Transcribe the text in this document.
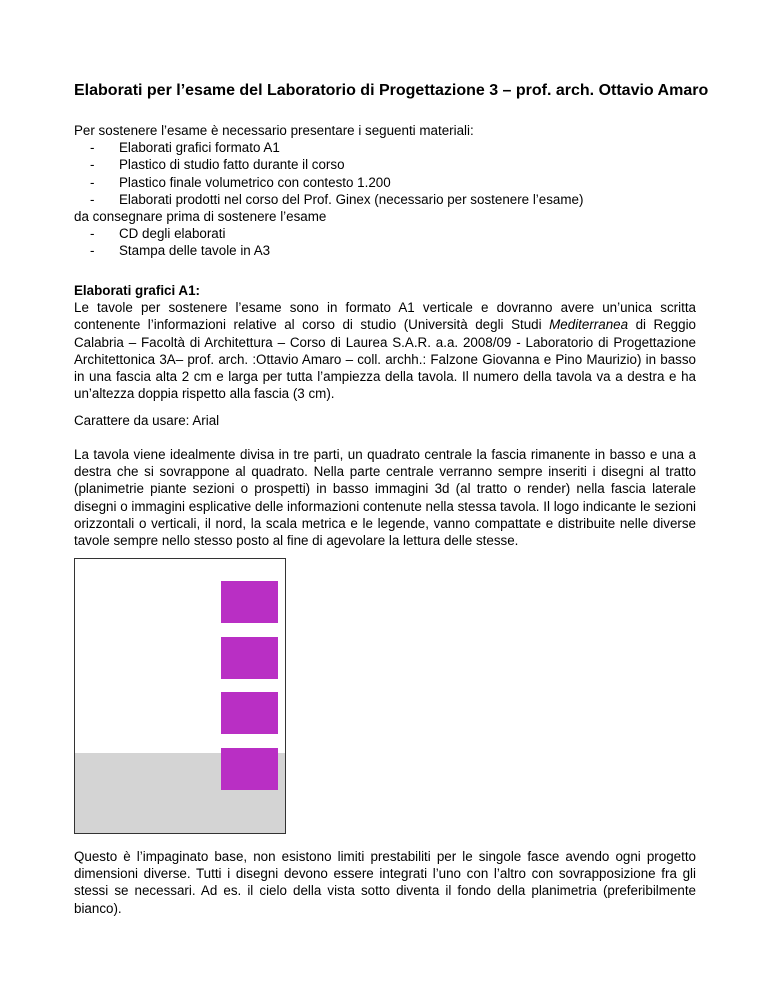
Elaborati per l’esame del Laboratorio di Progettazione 3 – prof. arch. Ottavio Amaro

Per sostenere l’esame è necessario presentare i seguenti materiali:

- Elaborati grafici formato A1
- Plastico di studio fatto durante il corso
- Plastico finale volumetrico con contesto 1.200
- Elaborati prodotti nel corso del Prof. Ginex (necessario per sostenere l’esame)

da consegnare prima di sostenere l’esame

- CD degli elaborati
- Stampa delle tavole in A3

Elaborati grafici A1:

Le tavole per sostenere l’esame sono in formato A1 verticale e dovranno avere un’unica scritta contenente l’informazioni relative al corso di studio (Università degli Studi Mediterranea di Reggio Calabria – Facoltà di Architettura – Corso di Laurea S.A.R. a.a. 2008/09 - Laboratorio di Progettazione Architettonica 3A– prof. arch. :Ottavio Amaro – coll. archh.: Falzone Giovanna e Pino Maurizio) in basso in una fascia alta 2 cm e larga per tutta l’ampiezza della tavola. Il numero della tavola va a destra e ha un’altezza doppia rispetto alla fascia (3 cm).

Carattere da usare: Arial

La tavola viene idealmente divisa in tre parti, un quadrato centrale la fascia rimanente in basso e una a destra che si sovrappone al quadrato. Nella parte centrale verranno sempre inseriti i disegni al tratto (planimetrie piante sezioni o prospetti) in basso immagini 3d (al tratto o render) nella fascia laterale disegni o immagini esplicative delle informazioni contenute nella stessa tavola. Il logo indicante le sezioni orizzontali o verticali, il nord, la scala metrica e le legende, vanno compattate e distribuite nelle diverse tavole sempre nello stesso posto al fine di agevolare la lettura delle stesse.

Questo è l’impaginato base, non esistono limiti prestabiliti per le singole fasce avendo ogni progetto dimensioni diverse. Tutti i disegni devono essere integrati l’uno con l’altro con sovrapposizione fra gli stessi se necessari. Ad es. il cielo della vista sotto diventa il fondo della planimetria (preferibilmente bianco).
